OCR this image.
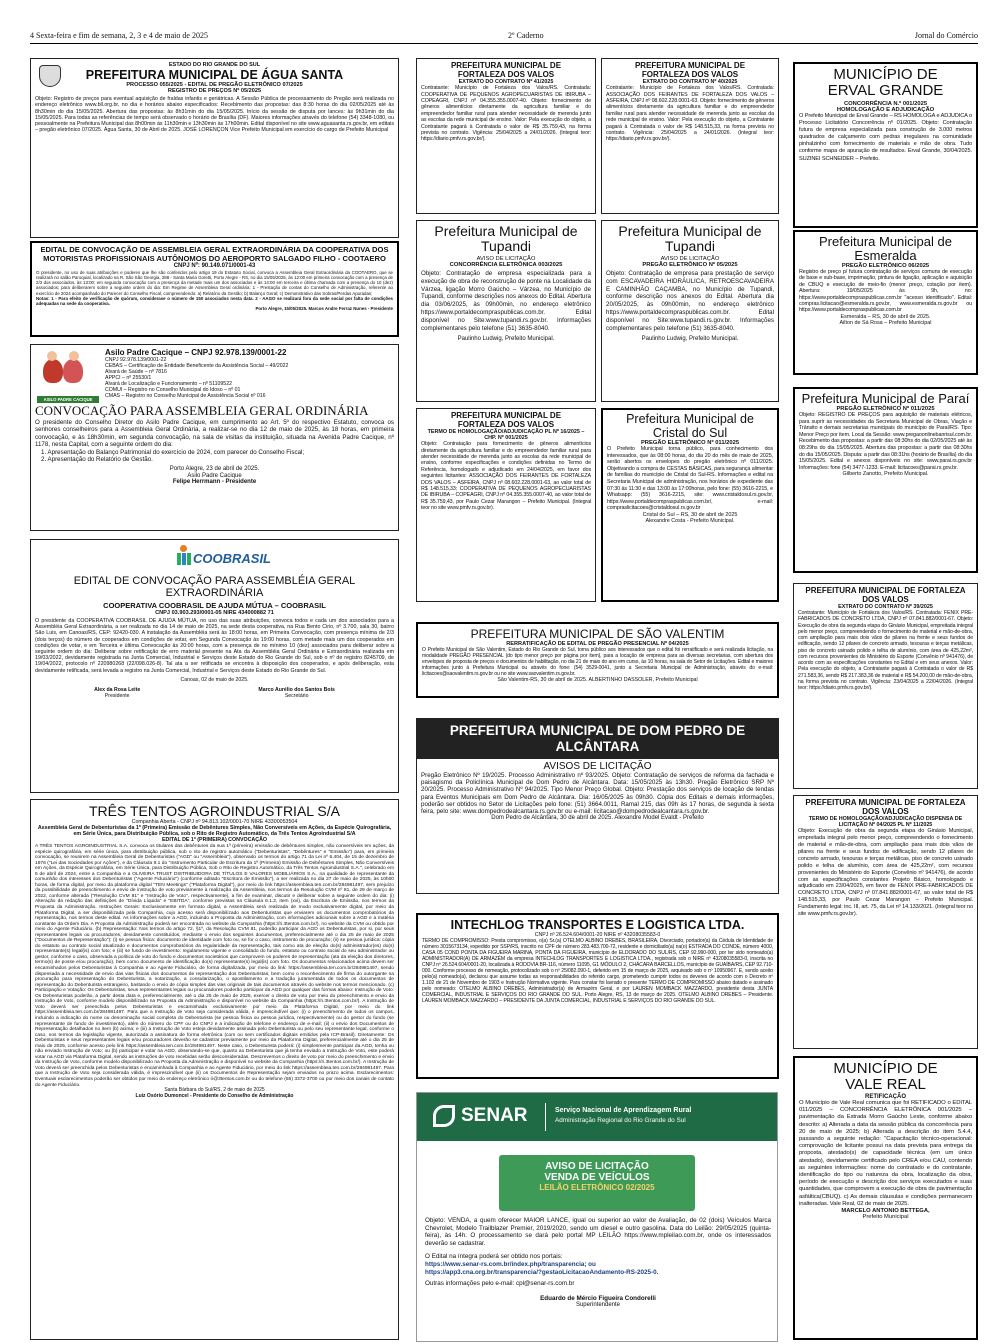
4 Sexta-feira e fim de semana, 2, 3 e 4 de maio de 2025	2º Caderno	Jornal do Comércio
ESTADO DO RIO GRANDE DO SUL
PREFEITURA MUNICIPAL DE ÁGUA SANTA
PROCESSO 055/2025 - EDITAL DE PREGÃO ELETRÔNICO 07/2025
REGISTRO DE PREÇOS Nº 05/2025
Objeto: Registro de preços para eventual aquisição de fraldas infantis e geriátricas. A Sessão Pública de processamento do Pregão será realizada no endereço eletrônico www.bll.org.br, no dia e horários abaixo especificados: Recebimento das propostas: das 8:30 horas do dia 02/05/2025 até às 8h30min do dia 15/05/2025. Abertura das propostas: às 8h31min do dia 15/05/2025. Início da sessão de disputa por lances: às 9h31min do dia 15/05/2025. Para todas as referências de tempo será observado o horário de Brasília (DF). Maiores informações através do telefone (54) 3348-1080, ou pessoalmente na Prefeitura Municipal das 8h00min às 11h30min e 13h30min às 17h00min. Edital disponível no site www.aguasanta.rs.gov.br, em editais – pregão eletrônico 07/2025. Água Santa, 30 de Abril de 2025. JOSÉ LORENÇON Vice Prefeito Municipal em exercício do cargo de Prefeito Municipal
EDITAL DE CONVOCAÇÃO DE ASSEMBLEIA GERAL EXTRAORDINÁRIA DA COOPERATIVA DOS MOTORISTAS PROFISSIONAIS AUTÔNOMOS DO AEROPORTO SALGADO FILHO - COOTAERO
CNPJ Nº: 90.149.071/0001-43
O presidente, no uso de suas atribuições e poderes que lhe são conferidos pelo artigo 19 do Estatuto Social, convoca a Assembleia Geral Extraordinária da COOTAERO, que se realizará no salão Paroquial, localizado na R. São São Georgia, 288 - Santa Maria Goretti, Porto Alegre - RS, no dia 15/05/2025, às 12:00 em primeira convocação com a presença de 2/3 dos associados, às 13:00; em segunda convocação com a presença da metade mais um dos associados e às 14:00 em terceira e última chamada com a presença do 10 (dez) associados; para deliberarem sobre a seguinte ordem do dia: Em Regime de Assembleia Geral ordinária: 1 - Prestação de contas do Conselho de Administração, referente ao exercício de 2024 acompanhado do Parecer do Conselho Fiscal, compreendendo: a) Relatório da Gestão; b) Balanço Geral; c) Demonstrativo das Sobras/Perdas Apuradas;
Notas: 1 - Para efeito de verificação de quórum, considerase o número de 150 associados nesta data. 2 - AAGO se realizará fora da sede social por falta de condições adequadas na sede da cooperativa.
Porto Alegre, 15/05/2025. Marcos Andre Ferraz Nunes - Presidente
ASILO PADRE CACIQUE
Asilo Padre Cacique – CNPJ 92.978.139/0001-22
CNPJ 92.978.139/0001-22
CEBAS – Certificação de Entidade Beneficente da Assistência Social – 49/2022
Alvará de Saúde – nº 7816
APPCI – nº 25530/1
Alvará de Localização e Funcionamento – nº 51109522
COMUI – Registro no Conselho Municipal do Idoso – nº 01
CMAS – Registro no Conselho Municipal de Assistência Social nº 016
CONVOCAÇÃO PARA ASSEMBLEIA GERAL ORDINÁRIA
O presidente do Conselho Diretor do Asilo Padre Cacique, em cumprimento ao Art. 5º do respectivo Estatuto, convoca os senhores conselheiros para a Assembleia Geral Ordinária, a realizar-se no dia 12 de maio de 2025, às 18 horas, em primeira convocação, e às 18h30min, em segunda convocação, na sala de visitas da instituição, situada na Avenida Padre Cacique, nº 1178, nesta Capital, com a seguinte ordem do dia:
1. Apresentação do Balanço Patrimonial do exercício de 2024, com parecer do Conselho Fiscal;
2. Apresentação do Relatório de Gestão.
Porto Alegre, 23 de abril de 2025.
Asilo Padre Cacique
Felipe Herrmann - Presidente
COOBRASIL
EDITAL DE CONVOCAÇÃO PARA ASSEMBLÉIA GERAL EXTRAORDINÁRIA
COOPERATIVA COOBRASIL DE AJUDA MÚTUA – COOBRASIL
CNPJ 03.903.293/0001-05 NIRE 434000882 71
O presidente da COOPERATIVA COOBRASIL DE AJUDA MÚTUA, no uso das suas atribuições, convoca todos e cada um dos associados para a Assembléia Geral Extraordinária, a ser realizada no dia 14 de maio de 2025, na sede desta cooperativa, na Rua Bento Cirio, nº 3.700, sala 30, bairro São Luis, em Canoas/RS, CEP: 92420-030. A instalação da Assembléia será às 18:00 horas, em Primeira Convocação, com presença mínima de 2/3 (dois terços) do número de cooperados em condições de votar, em Segunda Convocação às 19:00 horas, com metade mais um dos cooperados em condições de votar, e em Terceira e última Convocação às 20:00 horas, com a presença de no mínimo 10 (dez) associados para deliberar sobre a seguinte ordem do dia: Deliberar sobre retificação de erro material presente na Ata da Assembléia Geral Ordinária e Extraordinária realizada em 19/03/2022, devidamente registrada na Junta Comercial, Industrial e Serviços deste Estado do Rio Grande do Sul, sob o nº de registro 8245709, de 19/04/2022, protocolo nº 220980268 (22/098.026-8). Tal ata a ser retificada se encontra à disposição dos cooperados, e após deliberação, esta devidamente retificada, será levada a registro na Junta Comercial, Industrial e Serviços deste Estado do Rio Grande do Sul.
Canoas, 02 de maio de 2025.
Alex da Rosa Leite
Presidente
Marco Aurélio dos Santos Bois
Secretário
TRÊS TENTOS AGROINDUSTRIAL S/A
Companhia Aberta - CNPJ nº 94.813.102/0001-70 NIRE 43300053504
Assembleia Geral de Debenturistas da 1ª (Primeira) Emissão de Debêntures Simples, Não Conversíveis em Ações, da Espécie Quirografária, em Série Única, para Distribuição Pública, sob o Rito de Registro Automático, da Três Tentos Agroindustrial S/A
EDITAL DE 1ª (PRIMEIRA) CONVOCAÇÃO
A TRÊS TENTOS AGROINDUSTRIAL S.A. convoca os titulares das debêntures da sua 1ª (primeira) emissão de debêntures simples, não conversíveis em ações, da espécie quirografária, em série única, para distribuição pública, sob o rito de registro automático ("Debenturistas", "Debêntures" e "Emissão") para, em primeira convocação, se reunirem na Assembleia Geral de Debenturistas ("AGD" ou "Assembleia"), observado os termos do artigo 71 da Lei nº 6.404, de 15 de dezembro de 1976 ("Lei das Sociedades por Ações"), e da Cláusula 9.1 do "Instrumento Particular de Escritura da 1ª (Primeira) Emissão de Debêntures Simples, Não Conversíveis em Ações, da Espécie Quirografária, em Série Única, para Distribuição Pública, Sob o Rito de Registro Automático, da Três Tentos Agroindustrial S.A.", celebrado em 5 de abril de 2024, entre a Companhia e a OLIVEIRA TRUST DISTRIBUIDORA DE TÍTULOS E VALORES MOBILIÁRIOS S.A., na qualidade de representante da comunhão dos interesses dos Debenturistas ("Agente Fiduciário") (conforme aditado "Escritura de Emissão"), a ser realizada no dia 27 de maio de 2025, às 10h00 horas, de forma digital, por meio da plataforma digital "TEN Meetings" ("Plataforma Digital"), por meio do link https://assembleia.ten.com.br/284981497, sem prejuízo da possibilidade de preenchimento e envio de instrução de voto previamente à realização da Assembleia, nos termos da Resolução CVM nº 81, de 29 de março de 2022, conforme alterada ("Resolução CVM 81" e "Instrução de Voto", respectivamente), a fim de examinar, discutir e deliberar sobre a seguinte ordem do dia: (i) Alteração da redação das definições de "Dívida Líquida" e "EBITDA", conforme previstas na Cláusula 6.1.2, item (xvi), da Escritura de Emissão, nos termos da Proposta da Administração. Instruções Gerais: Exclusivamente em formato digital, a Assembleia será realizada de modo exclusivamente digital, por meio da Plataforma Digital, a ser disponibilizada pela Companhia, cujo acesso será disponibilizado aos Debenturistas que enviarem os documentos comprobatórios da representação, nos termos deste edital. As informações sobre a AGD, incluindo a Proposta da Administração, com informações adicionais sobre a AGD e a matéria constante da Ordem Dia. A Proposta da Administração poderá ser encontrada no website da Companhia (https://ri.3tentos.com.br/), no website da CVM ou obtido por meio do Agente Fiduciário. (b) Representação: Nos termos do artigo 72, §1º, da Resolução CVM 81, poderão participar da AGD os Debenturistas, por si, por seus representantes legais ou procuradores, devidamente constituídos, mediante o envio dos seguintes documentos, preferencialmente até o dia 25 de maio de 2025 ("Documentos de Representação"): (i) se pessoa física: documento de identidade com foto ou, se for o caso, instrumento de procuração; (ii) se pessoa jurídica: cópia do estatuto ou contrato social atualizado e documentos comprobatórios da regularidade da representação, tais como ata de eleição do(s) administrador(es) do(s) representante(s) legal(is) com foto; e (iii) se fundo de investimento: regulamento vigente e consolidado do fundo, estatuto ou contrato social do seu administrador ou gestor, conforme o caso, observada a política de voto do fundo e documentos societários que comprovem os poderes de representação (ata da eleição dos diretores, termo(s) de posse e/ou procuração), bem como documento de identificação do(s) representante(s) legal(is) com foto. Os documentos relacionados acima devem ser encaminhados pelos Debenturistas à Companhia e ao Agente Fiduciário, de forma digitalizada, por meio do link: https://assembleia.ten.com.br/284981497, sendo dispensada a necessidade de envio das vias físicas dos documentos de representação dos Debenturistas, bem como o reconhecimento de firma do outorgante na procuração para representação do Debenturista, a notarização, a consularização, o apostilamento e a tradução juramentada de todos os documentos de representação do Debenturista estrangeiro, bastando o envio de cópia simples das vias originais de tais documentos através do website nos termos mencionado. (c) Participação e Votação: Os Debenturistas, seus representantes legais ou procuradores poderão participar da AGD por qualquer das formas abaixo: Instrução de Voto: Os Debenturistas poderão, a partir desta data e, preferencialmente, até o dia 25 de maio de 2025, exercer o direito de voto por meio do preenchimento e envio da Instrução de Voto, conforme modelo disponibilizado na Proposta da Administração e disponível no website da Companhia (https://ri.3tentos.com.br/). A Instrução de Voto deverá ser preenchida pelos Debenturistas e encaminhada exclusivamente por meio da Plataforma Digital, por meio do link https://assembleia.ten.com.br/284981497. Para que a Instrução de Voto seja considerada válida, é imprescindível que: (i) o preenchimento de todos os campos, incluindo a indicação do nome ou denominação social completa do Debenturista (se pessoa física ou pessoa jurídica, respectivamente) ou do gestor do fundo (se representante de fundo de investimento), além do número do CPF ou do CNPJ e a indicação de telefone e endereço de e-mail; (ii) o envio dos Documentos de Representação detalhados no item (b) acima; e (iii) a Instrução de Voto esteja devidamente assinada pelo Debenturista ou pelo seu representante legal, conforme o caso, nos termos da legislação vigente, autorizada a assinatura de forma eletrônica (com ou sem certificados digitais emitidos pela ICP-Brasil). Diretamente: Os Debenturistas e seus representantes legais e/ou procuradores deverão se cadastrar previamente por meio da Plataforma Digital, preferencialmente até o dia 25 de maio de 2025, conforme acesso pelo link https://assembleia.ten.com.br/284981497. Neste caso, o Debenturista poderá: (i) simplesmente participar da AGD, tenha ou não enviado Instrução de Voto; ou (b) participar e votar na AGD, observando-se que, quanto ao Debenturista que já tenha enviado a Instrução de Voto, este poderá votar na AGD via Plataforma Digital, sendo as instruções de voto recebidas serão desconsideradas. Descrevemos o direito de voto por meio do preenchimento e envio da Instrução de Voto, conforme modelo disponibilizado na Proposta da Administração e disponível no website da Companhia (https://ri.3tentos.com.br/). A Instrução de Voto deverá ser preenchida pelos Debenturistas e encaminhada à Companhia e ao Agente Fiduciário, por meio do link https://assembleia.ten.com.br/284981497. Para que a Instrução de Voto seja considerada válida, é imprescindível que (ii) os Documentos de Representação sejam enviados no prazo acima. Esclarecimentos: Eventuais esclarecimentos poderão ser obtidos por meio do endereço eletrônico ri@3tentos.com.br ou do telefone (55) 3372-3700 ou por meio dos canais de contato do Agente Fiduciário.
Santa Bárbara do Sul/RS, 2 de maio de 2025
Luiz Osório Dumoncel - Presidente do Conselho de Administração
PREFEITURA MUNICIPAL DE FORTALEZA DOS VALOS
EXTRATO DO CONTRATO Nº 41/2025
Contratante: Município de Fortaleza dos Valos/RS. Contratada: COOPERATIVA DE PEQUENOS AGROPECUARISTAS DE IBIRUBA – COPEAGRI, CNPJ nº 04.355.355.0007-40. Objeto: fornecimento de gêneros alimentícios diretamente da agricultura familiar e do empreendedor familiar rural para atender necessidade de merenda junto as escolas da rede municipal de ensino. Valor: Pela execução do objeto, a Contratante pagará à Contratada o valor de R$ 35.759,43, na forma prevista no contrato. Vigência: 25/04/2025 a 24/01/2026. (Integral teor: https://diario.pmfv.rs.gov.br/).
PREFEITURA MUNICIPAL DE FORTALEZA DOS VALOS
EXTRATO DO CONTRATO Nº 40/2025
Contratante: Município de Fortaleza dos Valos/RS. Contratada: ASSOCIAÇÃO DOS FEIRANTES DE FORTALEZA DOS VALOS – ASFEIRA, CNPJ nº 08.602.228.0001-63. Objeto: fornecimento de gêneros alimentícios diretamente da agricultura familiar e do empreendedor familiar rural para atender necessidade de merenda junto as escolas da rede municipal de ensino. Valor: Pela execução do objeto, a Contratante pagará à Contratada o valor de R$ 148.515,33, na forma prevista no contrato. Vigência: 25/04/2025 a 24/01/2026. (Integral teor: https://diario.pmfv.rs.gov.br/).
Prefeitura Municipal de Tupandi
AVISO DE LICITAÇÃO
CONCORRÊNCIA ELETRÔNICA 003/2025
Objeto: Contratação de empresa especializada para a execução de obra de reconstrução de ponte na Localidade da Várzea, ligação Morro Gaúcho – Várzea, no Município de Tupandi, conforme descrições nos anexos do Edital. Abertura dia 03/06/2025, às 09h00min, no endereço eletrônico https://www.portaldecompraspublicas.com.br. Edital disponível no Site:www.tupandi.rs.gov.br. Informações complementares pelo telefone (51) 3635-8040.
Paulinho Ludwig, Prefeito Municipal.
Prefeitura Municipal de Tupandi
AVISO DE LICITAÇÃO
PREGÃO ELETRÔNICO Nº 05/2025
Objeto: Contratação de empresa para prestação de serviço com ESCAVADEIRA HIDRÁULICA, RETROESCAVADEIRA E CAMINHÃO CAÇAMBA, no Município de Tupandi, conforme descrição nos anexos do Edital. Abertura dia 20/05/2025, às 09h00min, no endereço eletrônico https://www.portaldecompraspublicas.com.br. Edital disponível no Site:www.tupandi.rs.gov.br. Informações complementares pelo telefone (51) 3635-8040.
Paulinho Ludwig, Prefeito Municipal.
PREFEITURA MUNICIPAL DE FORTALEZA DOS VALOS
TERMO DE HOMOLOGAÇÃO/ADJUDICAÇÃO PL Nº 16/2025 – CHP. Nº 001/2025
Objeto: Contratação para fornecimento de gêneros alimentícios diretamente da agricultura familiar e do empreendedor familiar rural para atender necessidade de merenda junto as escolas da rede municipal de ensino, conforme especificações e condições definidas no Termo de Referência, homologado e adjudicado em 24/04/2025, em favor dos seguintes licitantes: ASSOCIAÇÃO DOS FEIRANTES DE FORTALEZA DOS VALOS – ASFEIRA, CNPJ nº 08.602.228.0001-63, ao valor total de R$ 148.515,33; COOPERATIVA DE PEQUENOS AGROPECUARISTAS DE IBIRUBA – COPEAGRI, CNPJ nº 04.355.355.0007-40, ao valor total de R$ 35.759,43, por Paulo Cezar Marangon – Prefeito Municipal. (Integral teor no site www.pmfv.rs.gov.br).
Prefeitura Municipal de Cristal do Sul
PREGÃO ELETRÔNICO Nº 011/2025
O Prefeito Municipal torna público, para conhecimento dos interessados, que às 08:00 horas, do dia 20 do mês de maio de 2025, serão abertos os envelopes do pregão eletrônico nº 011/2025. Objetivando a compra de CESTAS BÁSICAS, para segurança alimentar de famílias do município de Cristal do Sul-RS. Informações e edital na Secretaria Municipal de administração, nos horários de expediente das 07:30 às 11:30 e das 13:00 às 17:00horas, pelo fone: (55) 3616-2215, e Whatsapp: (55) 3616-2215, site: www.cristaldosul.rs.gov.br, https://www.portaldecompraspublicas.com.br/, e-mail: compraslicitacoes@cristaldosul.rs.gov.br
Cristal do Sul – RS, 30 de abril de 2025
Alexandre Costa - Prefeito Municipal.
PREFEITURA MUNICIPAL DE SÃO VALENTIM
RERRATIFICAÇÃO DE EDITAL DE PREGÃO PRESENCIAL Nº 04/2025
O Prefeito Municipal de São Valentim, Estado do Rio Grande do Sul, torna público aos interessados que o edital foi rerratificado e será realizada licitação, na modalidade PREGÃO PRESENCIAL (do tipo menor preço por página por item), para a locação de empresa para as diversas secretarias, com abertura dos envelopes de proposta de preços e documentos de habilitação, no dia 21 de maio do ano em curso, às 10 horas, na sala do Setor de Licitações. Edital e maiores informações junto à Prefeitura Municipal ou através do fone: (54) 3529-0041, junto a Secretaria Municipal de Administração, através do e-mail: licitacoes@saovalentim.rs.gov.br ou no site www.saovalentim.rs.gov.br.
São Valentim-RS, 30 de abril de 2025. ALBERTINHO DASSOLER, Prefeito Municipal
PREFEITURA MUNICIPAL DE DOM PEDRO DE ALCÂNTARA
AVISOS DE LICITAÇÃO
Pregão Eletrônico Nº 19/2025. Processo Administrativo nº 93/2025. Objeto: Contratação de serviços de reforma da fachada e paisagismo da Policlínica Municipal de Dom Pedro de Alcântara. Data: 15/05/2025 às 13h30. Pregão Eletrônico SRP Nº 20/2025. Processo Administrativo Nº 94/2025. Tipo Menor Preço Global. Objeto: Prestação dos serviços de locação de tendas para Eventos Municipais em Dom Pedro de Alcântara. Dia: 16/05/2025 às 09h30. Cópia dos Editais e demais informações, poderão ser obtidos no Setor de Licitações pelo fone: (51) 3664.0011, Ramal 215, das 09h às 17 horas, de segunda à sexta feira, pelo site: www.dompedrodealcantara.rs.gov.br ou e-mail: licitacao@dompedrodealcantara.rs.gov.br.
Dom Pedro de Alcântara, 30 de abril de 2025. Alexandre Model Evaldt - Prefeito
INTECHLOG TRANSPORTES E LOGISTICA LTDA.
CNPJ nº 26.524.604/0001-20 NIRE nº 43208035583-0
TERMO DE COMPROMISSO: Presta compromisso, o(a) Sr.(a) OTELMO ALBINO DREBES, BRASILEIRA, Divorciado, portador(a) da Cédula de Identidade de número 3015673134, expedido por SSP/RS, inscrito no CPF de número 283.483.700-72, residente e domiciliado(a) na(o) ESTRADA DO CONDE, número 4000, CASA 05 COND PONTA DA FIGUEIRA MARINA, PONTA DA FIGUEIRA, município de ELDORADO DO SUL/RS, CEP 92.990-000, por ter sido nomeado(a) ADMINISTRADOR(A) DE ARMAZÉM da empresa INTECHLOG TRANSPORTES E LOGISTICA LTDA., registrada sob o NIRE nº 43208035583-0, inscrita no CNPJ nº 26.524.604/0001-20, localizada à RODOVIA BR-116, número 11095, G1 MÓDULO 2, CHÁCARA BARCELLOS, município de GUAÍBA/RS, CEP 92.710-000. Conforme processo de nomeação, protocolizado sob o nº 25/082.090-1, deferido em 15 de março de 2025, arquivado sob o nº 10950967. E, sendo aceito pelo(a) nomeado(a), declarou que assume todas as responsabilidades do referido cargo, prometendo cumprir todos os deveres de acordo com o Decreto nº 1.102 de 21 de Novembro de 1903 e Instrução Normativa vigente. Para constar foi lavrado o presente TERMO DE COMPROMISSO abaixo datado e assinado pelo nomeado: OTELMO ALBINO DREBES, Administrador(a) de Armazém Geral, e por LAUREN MOMBACK MAZZARDO, presidente desta JUNTA COMERCIAL, INDUSTRIAL E SERVIÇOS DO RIO GRANDE DO SUL. Porto Alegre, RS, 13 de março de 2025. OTELMO ALBINO DREBES – Presidente. LAUREN MOMBACK MAZZARDO – PRESIDENTE DA JUNTA COMERCIAL, INDUSTRIAL E SERVIÇOS DO RIO GRANDE DO SUL.
SENAR	Serviço Nacional de Aprendizagem Rural
Administração Regional do Rio Grande do Sul
AVISO DE LICITAÇÃO
VENDA DE VEÍCULOS
LEILÃO ELETRÔNICO 02/2025
Objeto: VENDA, a quem oferecer MAIOR LANCE, igual ou superior ao valor de Avaliação, de 02 (dois) Veículos Marca Chevrolet, Modelo Trailblazer Premier, 2019/2020, sendo um diesel e outro gasolina. Data do Leilão: 29/05/2025 (quinta-feira), às 14h. O processamento se dará pelo portal MP LEILÃO https://www.mpleilao.com.br, onde os interessados deverão se cadastrar.
O Edital na íntegra poderá ser obtido nos portais:
https://www.senar-rs.com.br/index.php/transparencia; ou
https://app3.cnа.org.br/transparencia/?gestaoLicitacaoAndamento-RS-2025-0.
Outras informações pelo e-mail: cpl@senar-rs.com.br
Eduardo de Mércio Figueira Condorelli
Superintendente
MUNICÍPIO DE ERVAL GRANDE
CONCORRÊNCIA N.º 001/2025
HOMOLOGAÇÃO E ADJUDICAÇÃO
O Prefeito Municipal de Erval Grande – RS HOMOLOGA e ADJUDICA o Processo Licitatório Concorrência nº 01/2025. Objeto: Contratação futura de empresa especializada para construção de 3.000 metros quadrados de calçamento com pedras irregulares na comunidade pinhalzinho com fornecimento de materiais e mão de obra. Tudo conforme mapa de apuração de resultados. Erval Grande, 30/04/2025. SUZINEI SCHNEIDER – Prefeito.
Prefeitura Municipal de Esmeralda
PREGÃO ELETRÔNICO 06/2025
Registro de preço p/ futura contratação de serviços comuns de execução de base e sub-base, imprimação, pintura de ligação, aplicação e aquisição de CBUQ e execução de meio-fio (menor preço, cotação por item). Abertura: 19/05/2025 às 9h, no: https://www.portaldecompraspublicas.com.br "acesso identificado". Edital: compras.licitacao@esmeralda.rs.gov.br, www.esmeralda.rs.gov.br ou https://www.portaldecompraspublicas.com.br
Esmeralda – RS, 30 de abril de 2025.
Ailton de Sá Rosa – Prefeito Municipal
Prefeitura Municipal de Paraí
PREGÃO ELETRÔNICO Nº 011/2025
Objeto: REGISTRO DE PREÇOS para aquisição de materiais elétricos, para suprir as necessidades da Secretaria Municipal de Obras, Viação e Trânsito e demais secretarias municipais do município de Paraí/RS. Tipo: Menor Preço por item. Local da Sessão: www.pregaoonlinebanrisul.com.br. Recebimento das propostas: a partir das 08:30hs do dia 02/05/2025 até às 08:29hs do dia 15/05/2025. Abertura das propostas: a partir das 08:30hs do dia 15/05/2025. Disputa: a partir das 08:31hs (horário de Brasília) do dia 15/05/2025. Edital e anexos disponíveis no site: www.parai.rs.gov.br Informações: fone (54) 3477-1233. E-mail: licitacoes@parai.rs.gov.br.
Gilberto Zanotto, Prefeito Municipal.
PREFEITURA MUNICIPAL DE FORTALEZA DOS VALOS
EXTRATO DO CONTRATO Nº 39/2025
Contratante: Município de Fortaleza dos Valos/RS. Contratada: FENIX PRE-FABRICADOS DE CONCRETO LTDA, CNPJ nº 07.841.882/0001-67. Objeto: Execução de obra da segunda etapa do Ginásio Municipal, empreitada integral pelo menor preço, compreendendo o fornecimento de material e mão-de-obra, com ampliação para mais dois vãos de pilares na frente e seus fundos de edificação, sendo 12 pilares de concreto armado, tesouras e terças metálicas, piso de concreto usinado polido e telha de alumínio, com área de 425,22m², com recursos provenientes do Ministério do Esporte (Convênio nº 941476), de acordo com as especificações constantes no Edital e em seus anexos. Valor: Pela execução do objeto, a Contratante pagará à Contratada o valor de R$ 271.583,36, sendo R$ 217.383,36 de material e R$ 54.200,00 de mão-de-obra, na forma prevista no contrato. Vigência: 23/04/2025 a 22/04/2026. (Integral teor: https://diario.pmfv.rs.gov.br/).
PREFEITURA MUNICIPAL DE FORTALEZA DOS VALOS
TERMO DE HOMOLOGAÇÃO/ADJUDICAÇÃO DISPENSA DE LICITAÇÃO Nº 04/2025 PL Nº 11/2025
Objeto: Execução de obra da segunda etapa do Ginásio Municipal, empreitada integral pelo menor preço, compreendendo o fornecimento de material e mão-de-obra, com ampliação para mais dois vãos de pilares na frente e seus fundos de edificação, sendo 12 pilares de concreto armado, tesouras e terças metálicas, piso de concreto usinado polido e telha de alumínio, com área de 425,22m², com recursos provenientes do Ministério do Esporte (Convênio nº 941476), de acordo com as especificações constantes Projeto Básico, homologado e adjudicado em 23/04/2025, em favor de FENIX PRE-FABRICADOS DE CONCRETO LTDA, CNPJ nº 07.841.882/0001-67, ao valor total de R$ 148.515,33, por Paulo Cezar Marangon – Prefeito Municipal. Fundamento legal: inc. III, art. 75, da Lei nº 14.133/2021. (Integral teor no site www.pmfv.rs.gov.br).
MUNICÍPIO DE VALE REAL
RETIFICAÇÃO
O Município de Vale Real comunica que foi RETIFICADO o EDITAL 011/2025 – CONCORRÊNCIA ELETRÔNICA 001/2025 – pavimentação da Estrada Morro Gaúcho Leste, conforme abaixo descrito: a) Alterada a data da sessão pública da concorrência para 20 de maio de 2025; b) Alterada a descrição do item 5.4.4, passando a seguinte redação: "Capacitação técnico-operacional: comprovação de licitante possui na data prevista para entrega da proposta, atestado(s) de capacidade técnica (em um único atestado), devidamente certificado pelo CREA e/ou CAU, contendo as seguintes informações: nome do contratado e do contratante, identificação do tipo ou natureza da obra, localização da obra, período de execução e descrição dos serviços executados e suas quantidades, que comprovem a execução de obra de pavimentação asfáltica(CBUQ). c) As demais cláusulas e condições permanecem inalteradas. Vale Real, 02 de maio de 2025.
MARCELO ANTONIO BETTEGA,
Prefeito Municipal
